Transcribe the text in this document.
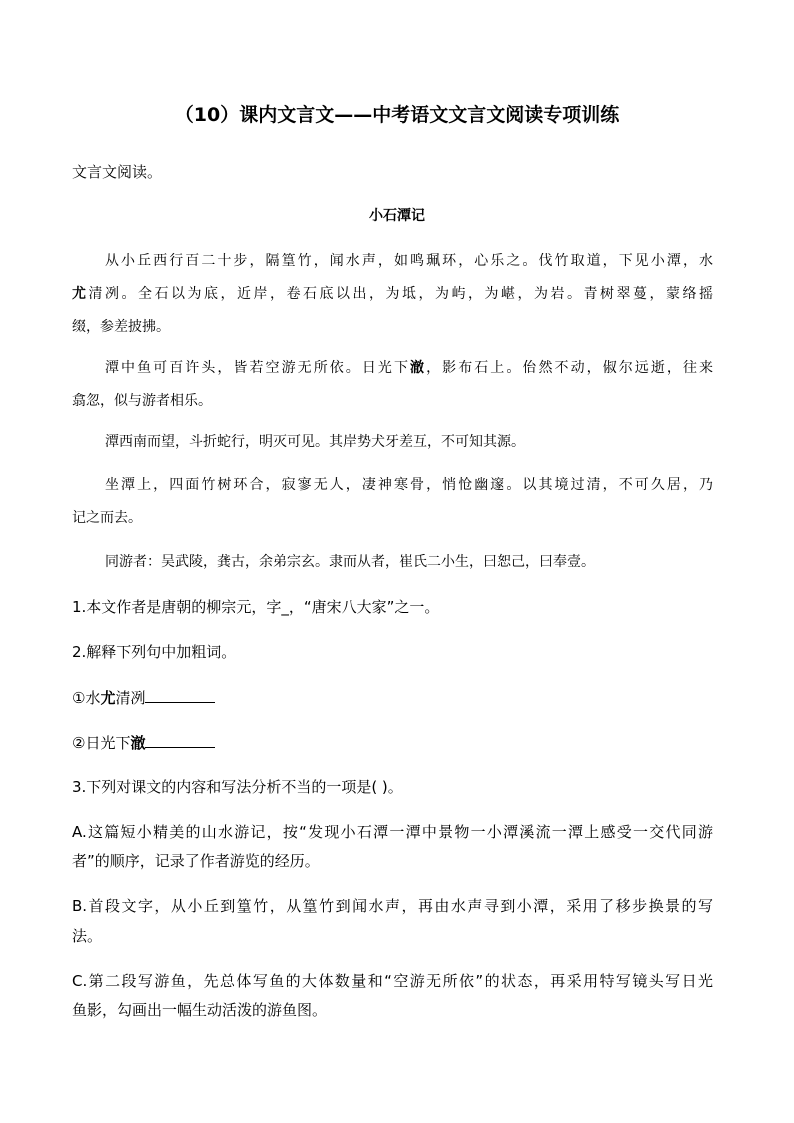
（10）课内文言文——中考语文文言文阅读专项训练
文言文阅读。
小石潭记
从小丘西行百二十步，隔篁竹，闻水声，如鸣珮环，心乐之。伐竹取道，下见小潭，水
尤清冽。全石以为底，近岸，卷石底以出，为坻，为屿，为嵁，为岩。青树翠蔓，蒙络摇
缀，参差披拂。
潭中鱼可百许头，皆若空游无所依。日光下澈，影布石上。佁然不动，俶尔远逝，往来
翕忽，似与游者相乐。
潭西南而望，斗折蛇行，明灭可见。其岸势犬牙差互，不可知其源。
坐潭上，四面竹树环合，寂寥无人，凄神寒骨，悄怆幽邃。以其境过清，不可久居，乃
记之而去。
同游者：吴武陵，龚古，余弟宗玄。隶而从者，崔氏二小生，曰恕己，曰奉壹。
1.本文作者是唐朝的柳宗元，字_，“唐宋八大家”之一。
2.解释下列句中加粗词。
①水尤清冽
②日光下澈
3.下列对课文的内容和写法分析不当的一项是( )。
A.这篇短小精美的山水游记，按“发现小石潭一潭中景物一小潭溪流一潭上感受一交代同游
者”的顺序，记录了作者游览的经历。
B.首段文字，从小丘到篁竹，从篁竹到闻水声，再由水声寻到小潭，采用了移步换景的写
法。
C.第二段写游鱼，先总体写鱼的大体数量和“空游无所依”的状态，再采用特写镜头写日光
鱼影，勾画出一幅生动活泼的游鱼图。
